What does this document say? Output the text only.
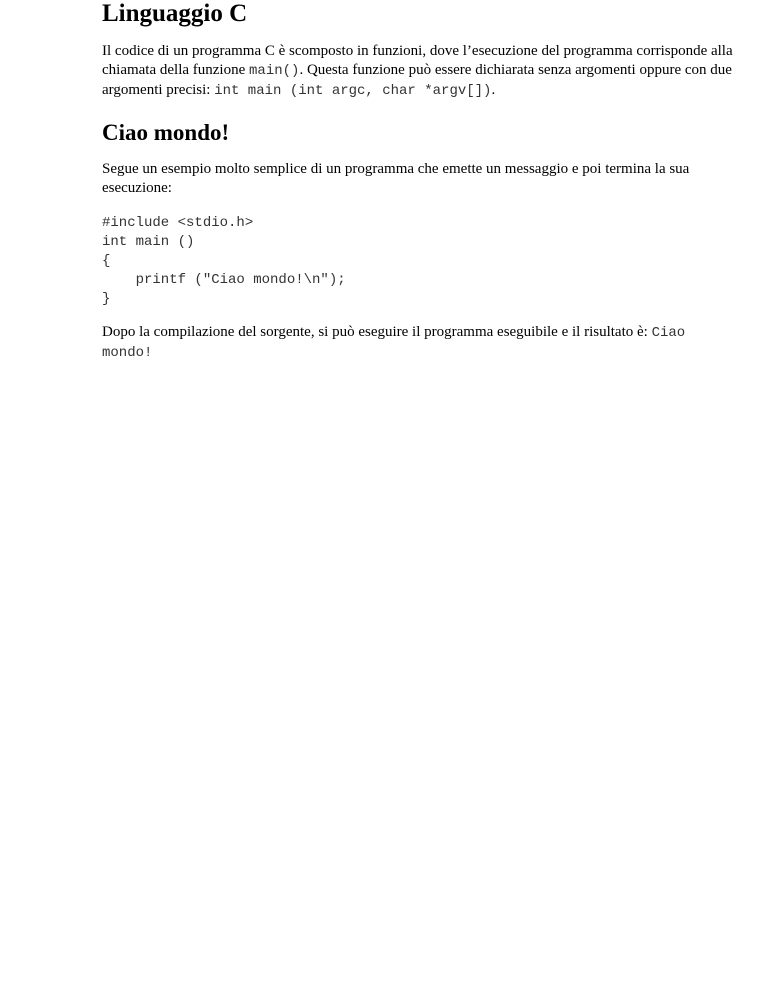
Linguaggio C

Il codice di un programma C è scomposto in funzioni, dove l’esecuzione del programma corrisponde alla
chiamata della funzione main(). Questa funzione può essere dichiarata senza argomenti oppure con due
argomenti precisi: int main (int argc, char *argv[]).

Ciao mondo!

Segue un esempio molto semplice di un programma che emette un messaggio e poi termina la sua
esecuzione:

#include <stdio.h>
int main ()
{
printf ("Ciao mondo!\n");
}

Dopo la compilazione del sorgente, si può eseguire il programma eseguibile e il risultato è: Ciao
mondo!
